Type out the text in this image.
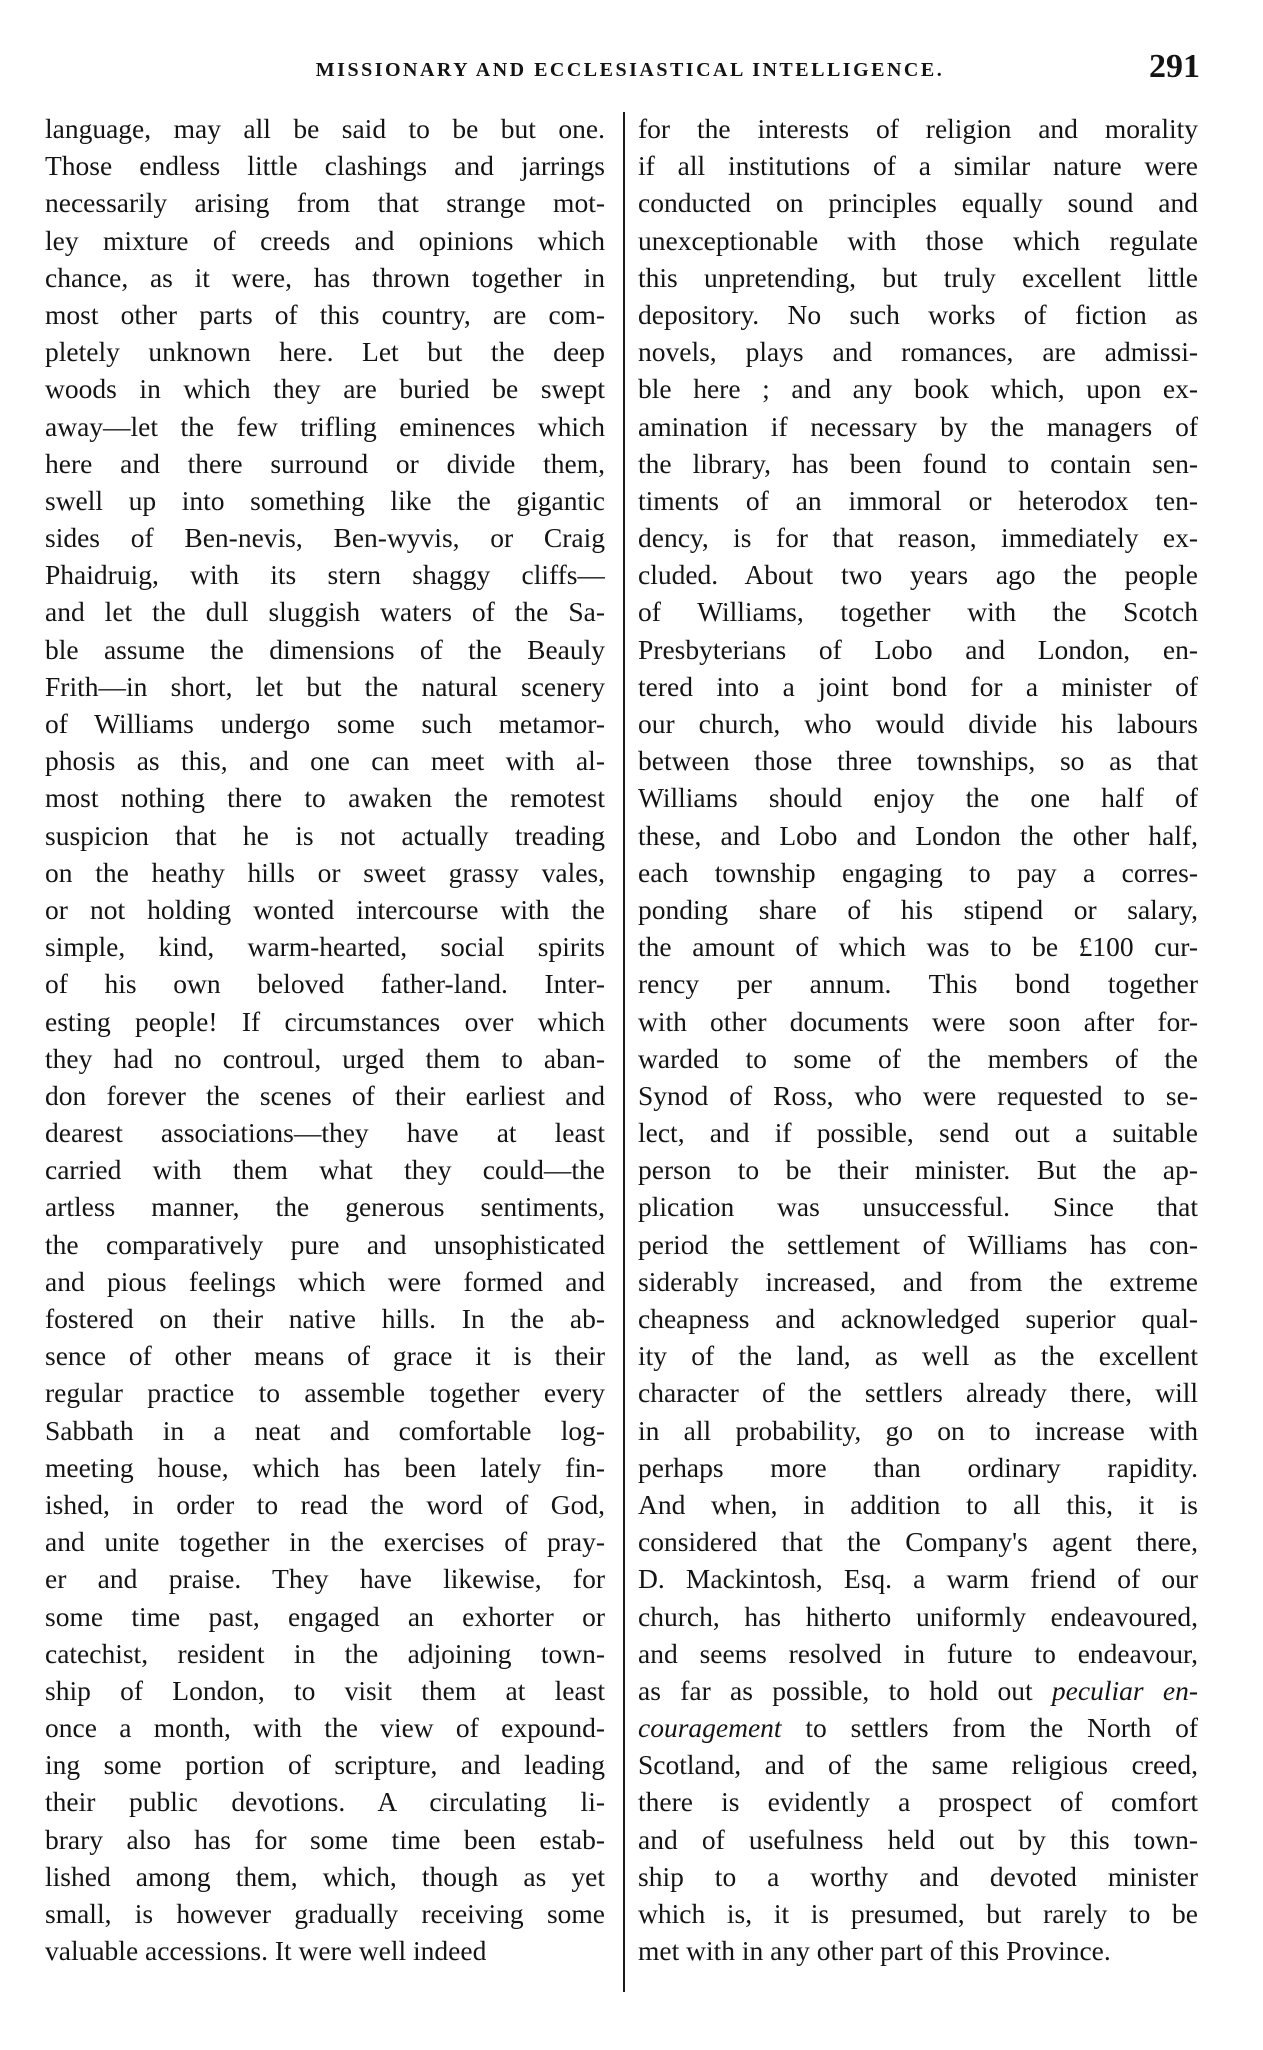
MISSIONARY AND ECCLESIASTICAL INTELLIGENCE.	291
language, may all be said to be but one.
Those endless little clashings and jarrings
necessarily arising from that strange mot-
ley mixture of creeds and opinions which
chance, as it were, has thrown together in
most other parts of this country, are com-
pletely unknown here. Let but the deep
woods in which they are buried be swept
away—let the few trifling eminences which
here and there surround or divide them,
swell up into something like the gigantic
sides of Ben-nevis, Ben-wyvis, or Craig
Phaidruig, with its stern shaggy cliffs—
and let the dull sluggish waters of the Sa-
ble assume the dimensions of the Beauly
Frith—in short, let but the natural scenery
of Williams undergo some such metamor-
phosis as this, and one can meet with al-
most nothing there to awaken the remotest
suspicion that he is not actually treading
on the heathy hills or sweet grassy vales,
or not holding wonted intercourse with the
simple, kind, warm-hearted, social spirits
of his own beloved father-land. Inter-
esting people! If circumstances over which
they had no controul, urged them to aban-
don forever the scenes of their earliest and
dearest associations—they have at least
carried with them what they could—the
artless manner, the generous sentiments,
the comparatively pure and unsophisticated
and pious feelings which were formed and
fostered on their native hills. In the ab-
sence of other means of grace it is their
regular practice to assemble together every
Sabbath in a neat and comfortable log-
meeting house, which has been lately fin-
ished, in order to read the word of God,
and unite together in the exercises of pray-
er and praise. They have likewise, for
some time past, engaged an exhorter or
catechist, resident in the adjoining town-
ship of London, to visit them at least
once a month, with the view of expound-
ing some portion of scripture, and leading
their public devotions. A circulating li-
brary also has for some time been estab-
lished among them, which, though as yet
small, is however gradually receiving some
valuable accessions. It were well indeed
for the interests of religion and morality
if all institutions of a similar nature were
conducted on principles equally sound and
unexceptionable with those which regulate
this unpretending, but truly excellent little
depository. No such works of fiction as
novels, plays and romances, are admissi-
ble here ; and any book which, upon ex-
amination if necessary by the managers of
the library, has been found to contain sen-
timents of an immoral or heterodox ten-
dency, is for that reason, immediately ex-
cluded. About two years ago the people
of Williams, together with the Scotch
Presbyterians of Lobo and London, en-
tered into a joint bond for a minister of
our church, who would divide his labours
between those three townships, so as that
Williams should enjoy the one half of
these, and Lobo and London the other half,
each township engaging to pay a corres-
ponding share of his stipend or salary,
the amount of which was to be £100 cur-
rency per annum. This bond together
with other documents were soon after for-
warded to some of the members of the
Synod of Ross, who were requested to se-
lect, and if possible, send out a suitable
person to be their minister. But the ap-
plication was unsuccessful. Since that
period the settlement of Williams has con-
siderably increased, and from the extreme
cheapness and acknowledged superior qual-
ity of the land, as well as the excellent
character of the settlers already there, will
in all probability, go on to increase with
perhaps more than ordinary rapidity.
And when, in addition to all this, it is
considered that the Company's agent there,
D. Mackintosh, Esq. a warm friend of our
church, has hitherto uniformly endeavoured,
and seems resolved in future to endeavour,
as far as possible, to hold out peculiar en-
couragement to settlers from the North of
Scotland, and of the same religious creed,
there is evidently a prospect of comfort
and of usefulness held out by this town-
ship to a worthy and devoted minister
which is, it is presumed, but rarely to be
met with in any other part of this Province.
